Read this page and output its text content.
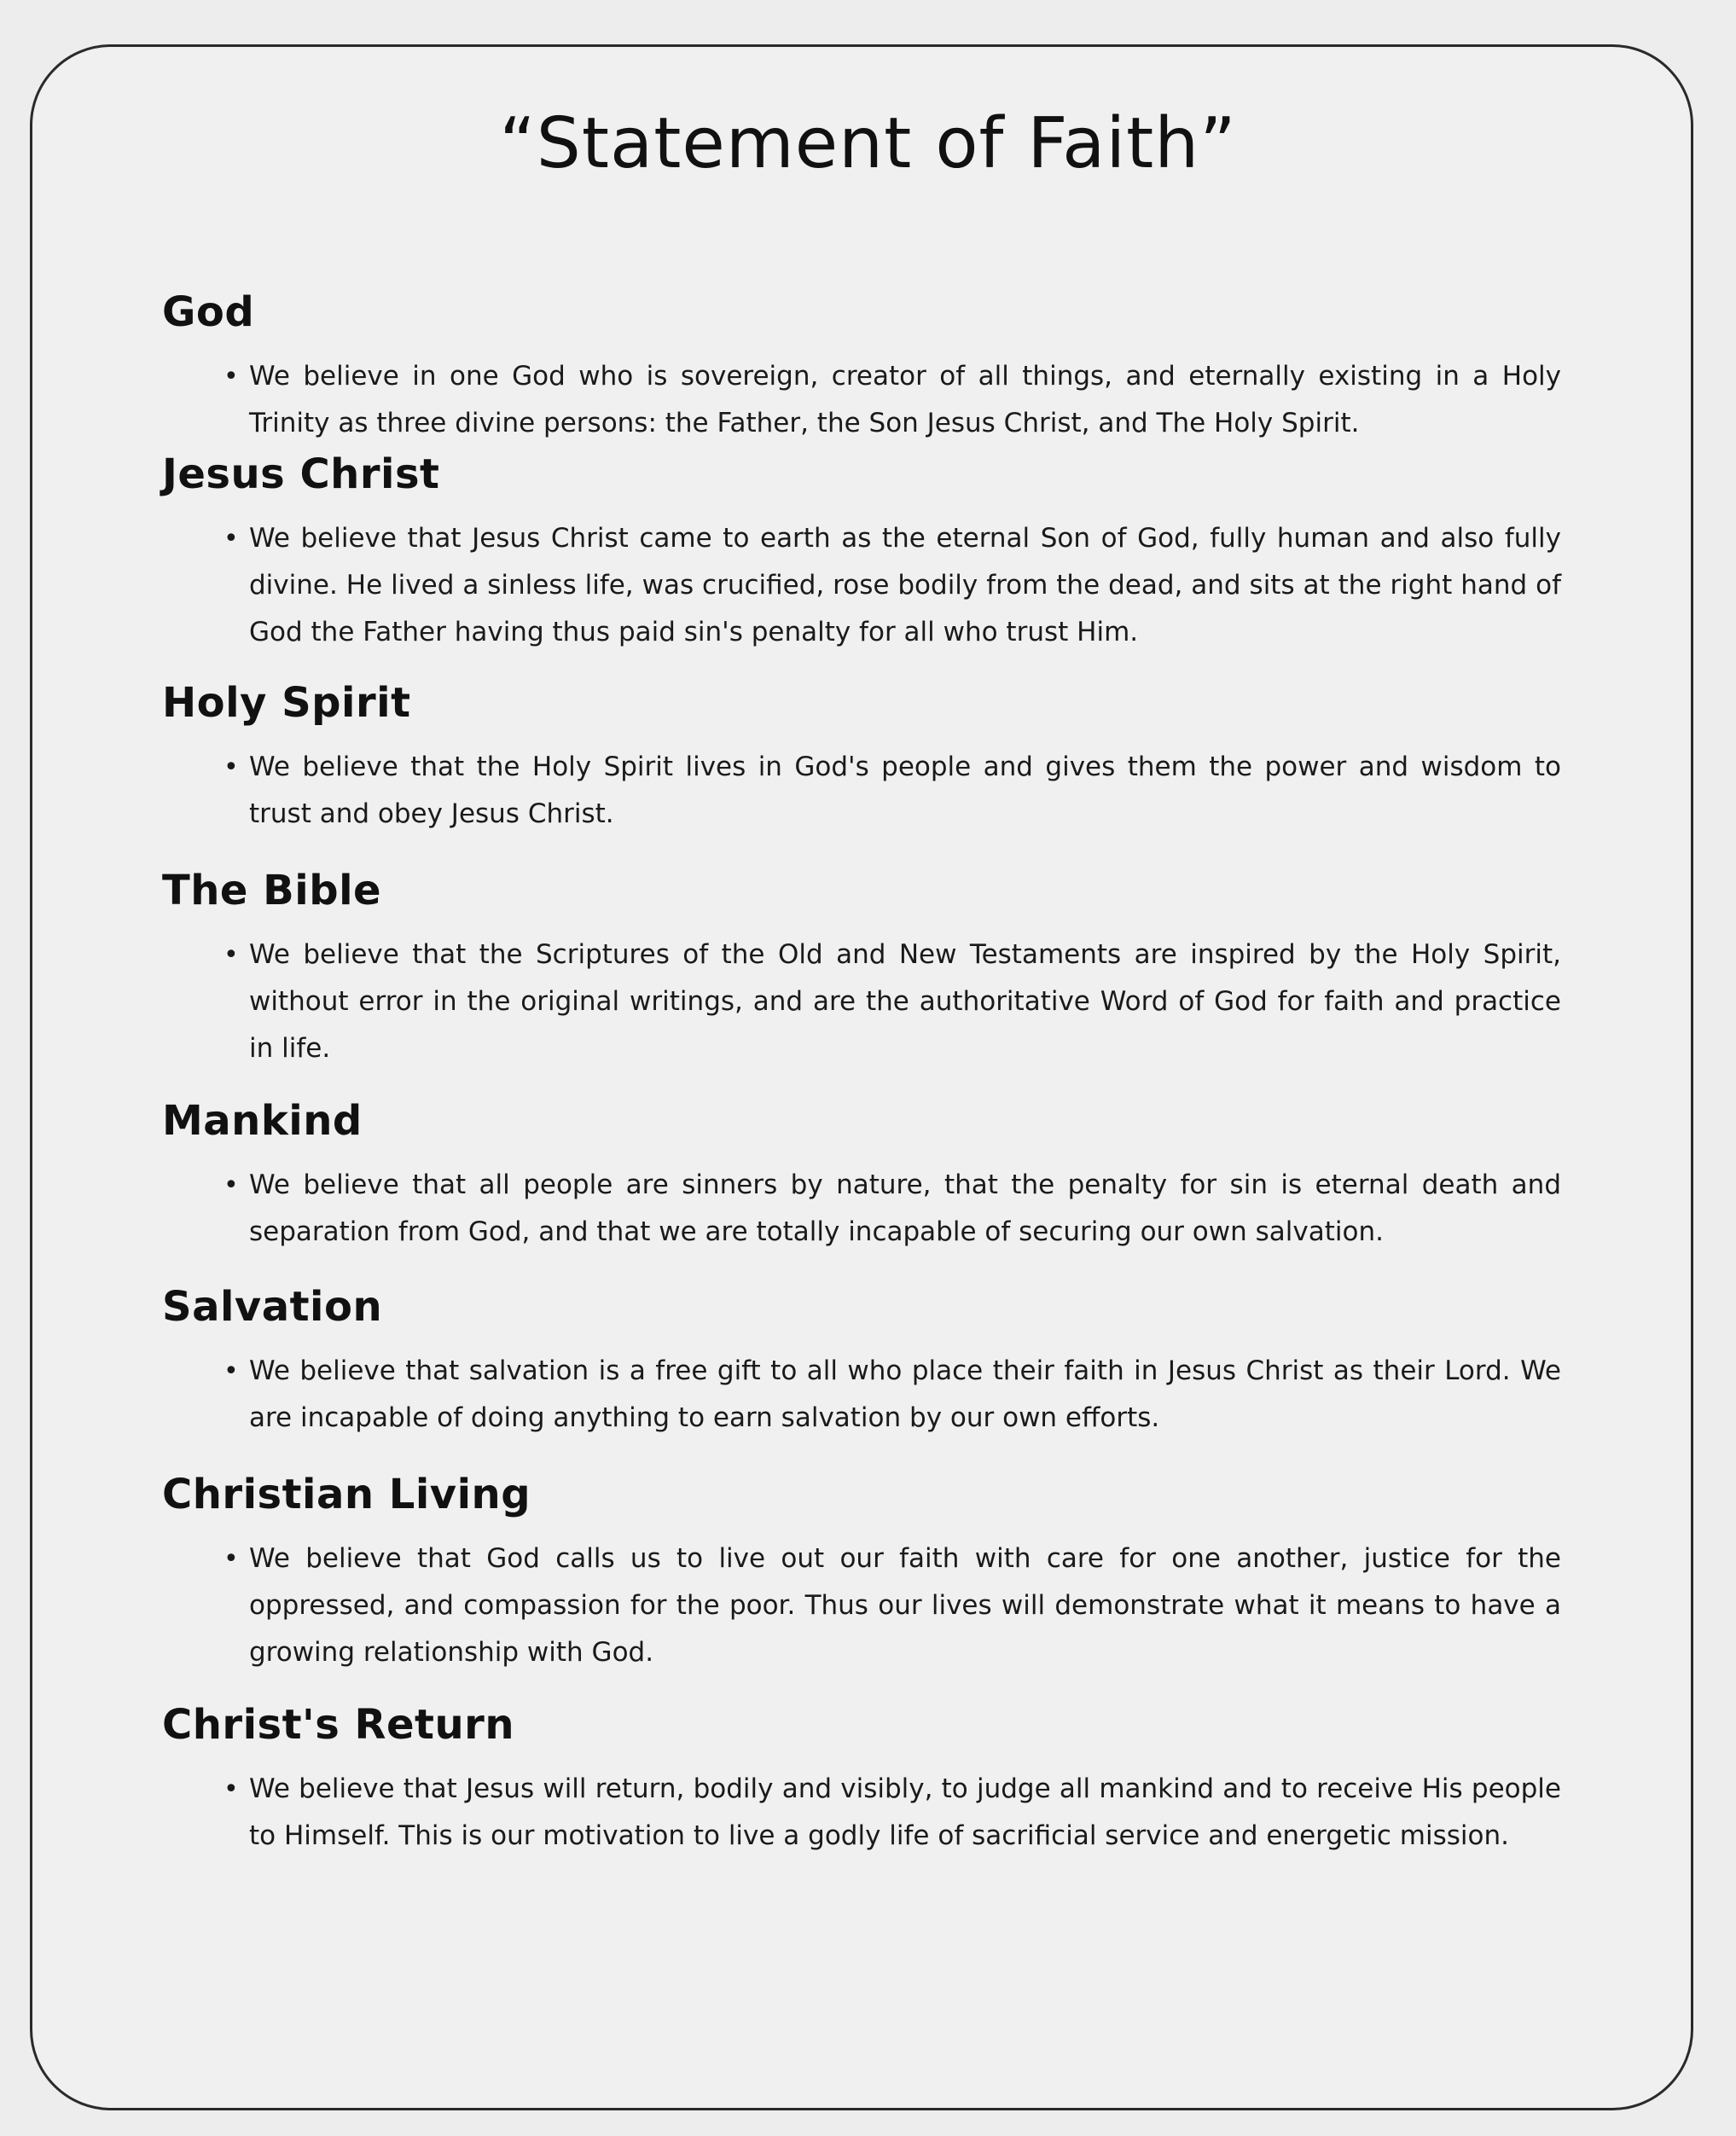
“Statement of Faith”
God
• We believe in one God who is sovereign, creator of all things, and eternally existing in a Holy Trinity as three divine persons: the Father, the Son Jesus Christ, and The Holy Spirit.
Jesus Christ
• We believe that Jesus Christ came to earth as the eternal Son of God, fully human and also fully divine. He lived a sinless life, was crucified, rose bodily from the dead, and sits at the right hand of God the Father having thus paid sin's penalty for all who trust Him.
Holy Spirit
• We believe that the Holy Spirit lives in God's people and gives them the power and wisdom to trust and obey Jesus Christ.
The Bible
• We believe that the Scriptures of the Old and New Testaments are inspired by the Holy Spirit, without error in the original writings, and are the authoritative Word of God for faith and practice in life.
Mankind
• We believe that all people are sinners by nature, that the penalty for sin is eternal death and separation from God, and that we are totally incapable of securing our own salvation.
Salvation
• We believe that salvation is a free gift to all who place their faith in Jesus Christ as their Lord. We are incapable of doing anything to earn salvation by our own efforts.
Christian Living
• We believe that God calls us to live out our faith with care for one another, justice for the oppressed, and compassion for the poor. Thus our lives will demonstrate what it means to have a growing relationship with God.
Christ's Return
• We believe that Jesus will return, bodily and visibly, to judge all mankind and to receive His people to Himself. This is our motivation to live a godly life of sacrificial service and energetic mission.
